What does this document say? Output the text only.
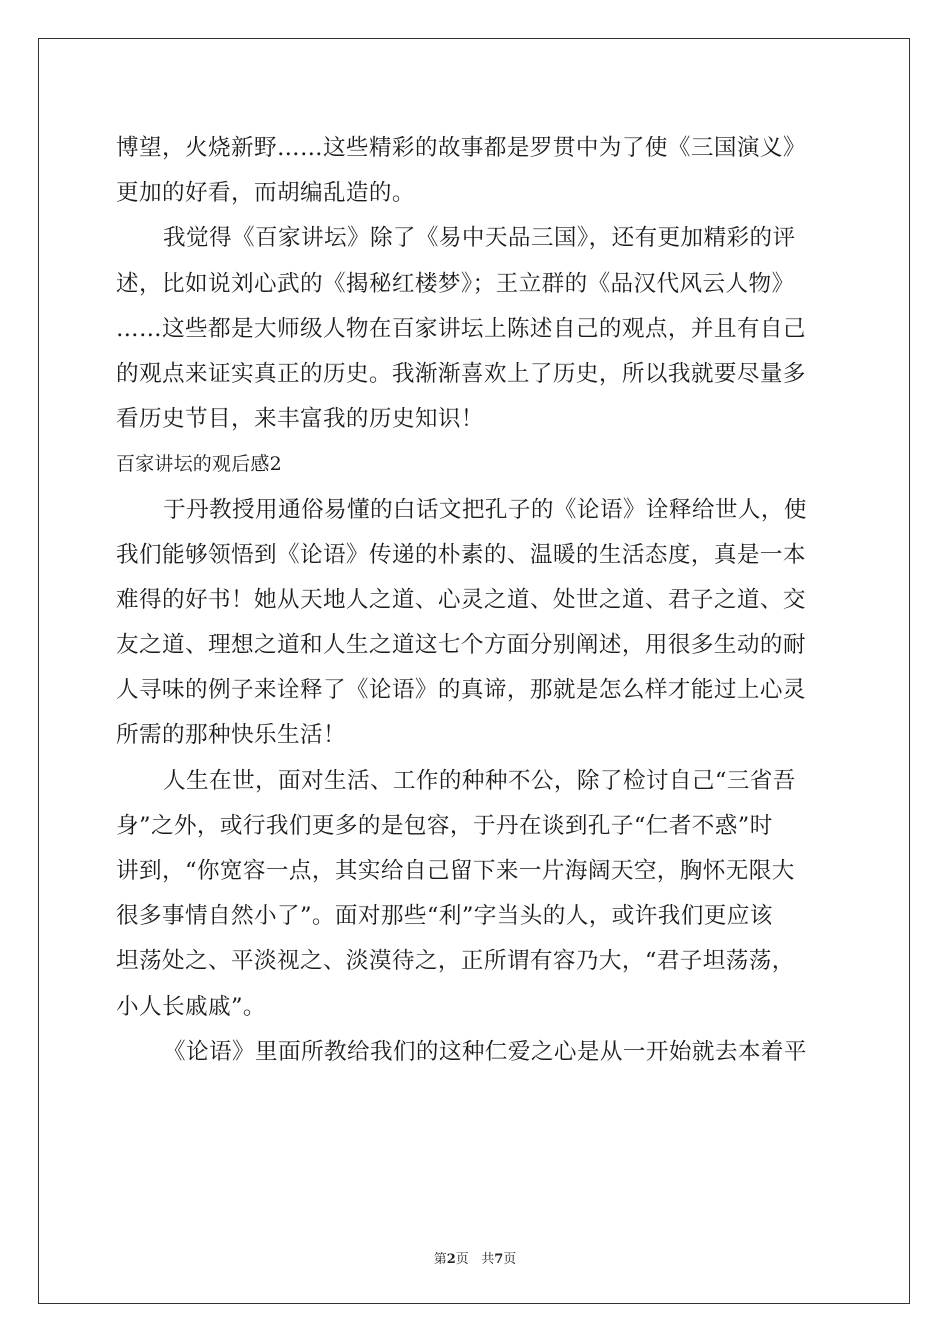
博望，火烧新野……这些精彩的故事都是罗贯中为了使《三国演义》
更加的好看，而胡编乱造的。
我觉得《百家讲坛》除了《易中天品三国》，还有更加精彩的评
述，比如说刘心武的《揭秘红楼梦》；王立群的《品汉代风云人物》
……这些都是大师级人物在百家讲坛上陈述自己的观点，并且有自己
的观点来证实真正的历史。我渐渐喜欢上了历史，所以我就要尽量多
看历史节目，来丰富我的历史知识！
百家讲坛的观后感2
于丹教授用通俗易懂的白话文把孔子的《论语》诠释给世人，使
我们能够领悟到《论语》传递的朴素的、温暖的生活态度，真是一本
难得的好书！她从天地人之道、心灵之道、处世之道、君子之道、交
友之道、理想之道和人生之道这七个方面分别阐述，用很多生动的耐
人寻味的例子来诠释了《论语》的真谛，那就是怎么样才能过上心灵
所需的那种快乐生活！
人生在世，面对生活、工作的种种不公，除了检讨自己“三省吾
身”之外，或行我们更多的是包容，于丹在谈到孔子“仁者不惑”时
讲到，“你宽容一点，其实给自己留下来一片海阔天空，胸怀无限大
很多事情自然小了”。面对那些“利”字当头的人，或许我们更应该
坦荡处之、平淡视之、淡漠待之，正所谓有容乃大，“君子坦荡荡，
小人长戚戚”。
《论语》里面所教给我们的这种仁爱之心是从一开始就去本着平
第2页 共7页
